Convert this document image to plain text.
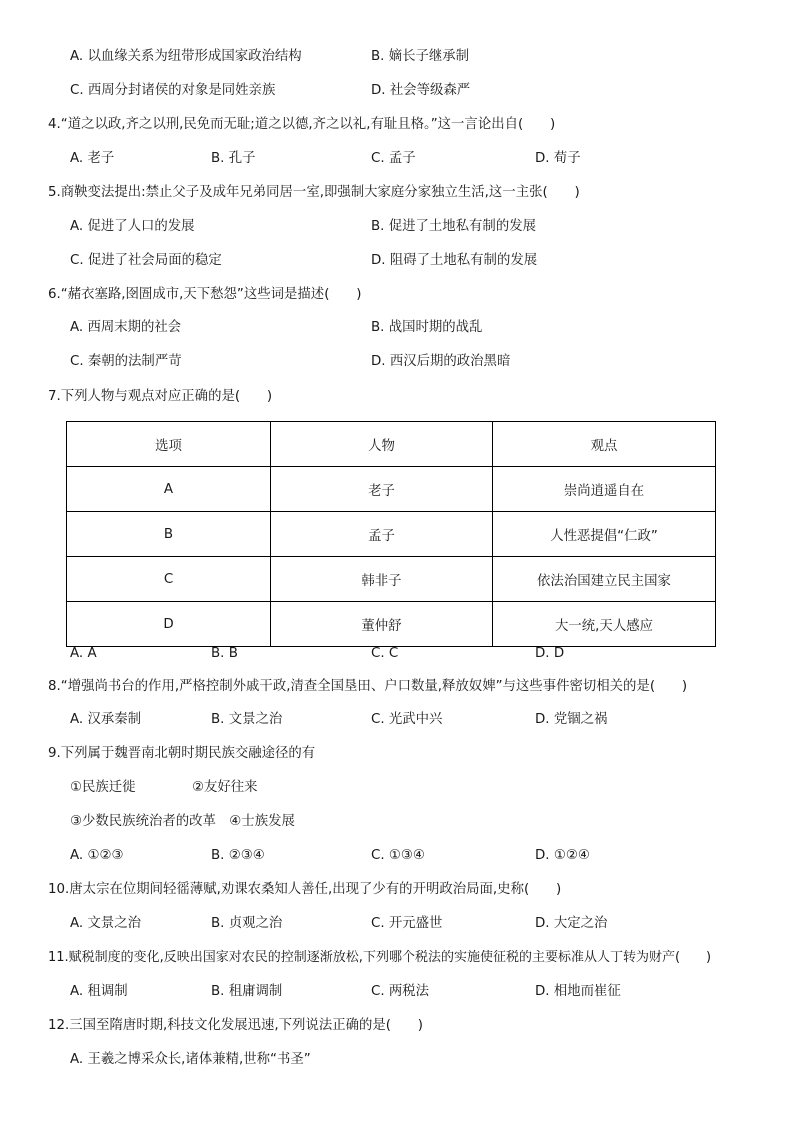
A. 以血缘关系为纽带形成国家政治结构	B. 嫡长子继承制
C. 西周分封诸侯的对象是同姓亲族	D. 社会等级森严
4.“道之以政,齐之以刑,民免而无耻;道之以德,齐之以礼,有耻且格。”这一言论出自(　　)
A. 老子	B. 孔子	C. 孟子	D. 荀子
5.商鞅变法提出:禁止父子及成年兄弟同居一室,即强制大家庭分家独立生活,这一主张(　　)
A. 促进了人口的发展	B. 促进了土地私有制的发展
C. 促进了社会局面的稳定	D. 阻碍了土地私有制的发展
6.“赭衣塞路,囹圄成市,天下愁怨”这些词是描述(　　)
A. 西周末期的社会	B. 战国时期的战乱
C. 秦朝的法制严苛	D. 西汉后期的政治黑暗
7.下列人物与观点对应正确的是(　　)
选项	人物	观点
A	老子	崇尚逍遥自在
B	孟子	人性恶提倡“仁政”
C	韩非子	依法治国建立民主国家
D	董仲舒	大一统,天人感应
A. A	B. B	C. C	D. D
8.“增强尚书台的作用,严格控制外戚干政,清查全国垦田、户口数量,释放奴婢”与这些事件密切相关的是(　　)
A. 汉承秦制	B. 文景之治	C. 光武中兴	D. 党锢之祸
9.下列属于魏晋南北朝时期民族交融途径的有
①民族迁徙	②友好往来
③少数民族统治者的改革　④士族发展
A. ①②③	B. ②③④	C. ①③④	D. ①②④
10.唐太宗在位期间轻徭薄赋,劝课农桑知人善任,出现了少有的开明政治局面,史称(　　)
A. 文景之治	B. 贞观之治	C. 开元盛世	D. 大定之治
11.赋税制度的变化,反映出国家对农民的控制逐渐放松,下列哪个税法的实施使征税的主要标准从人丁转为财产(　　)
A. 租调制	B. 租庸调制	C. 两税法	D. 相地而崔征
12.三国至隋唐时期,科技文化发展迅速,下列说法正确的是(　　)
A. 王羲之博采众长,诸体兼精,世称“书圣”
